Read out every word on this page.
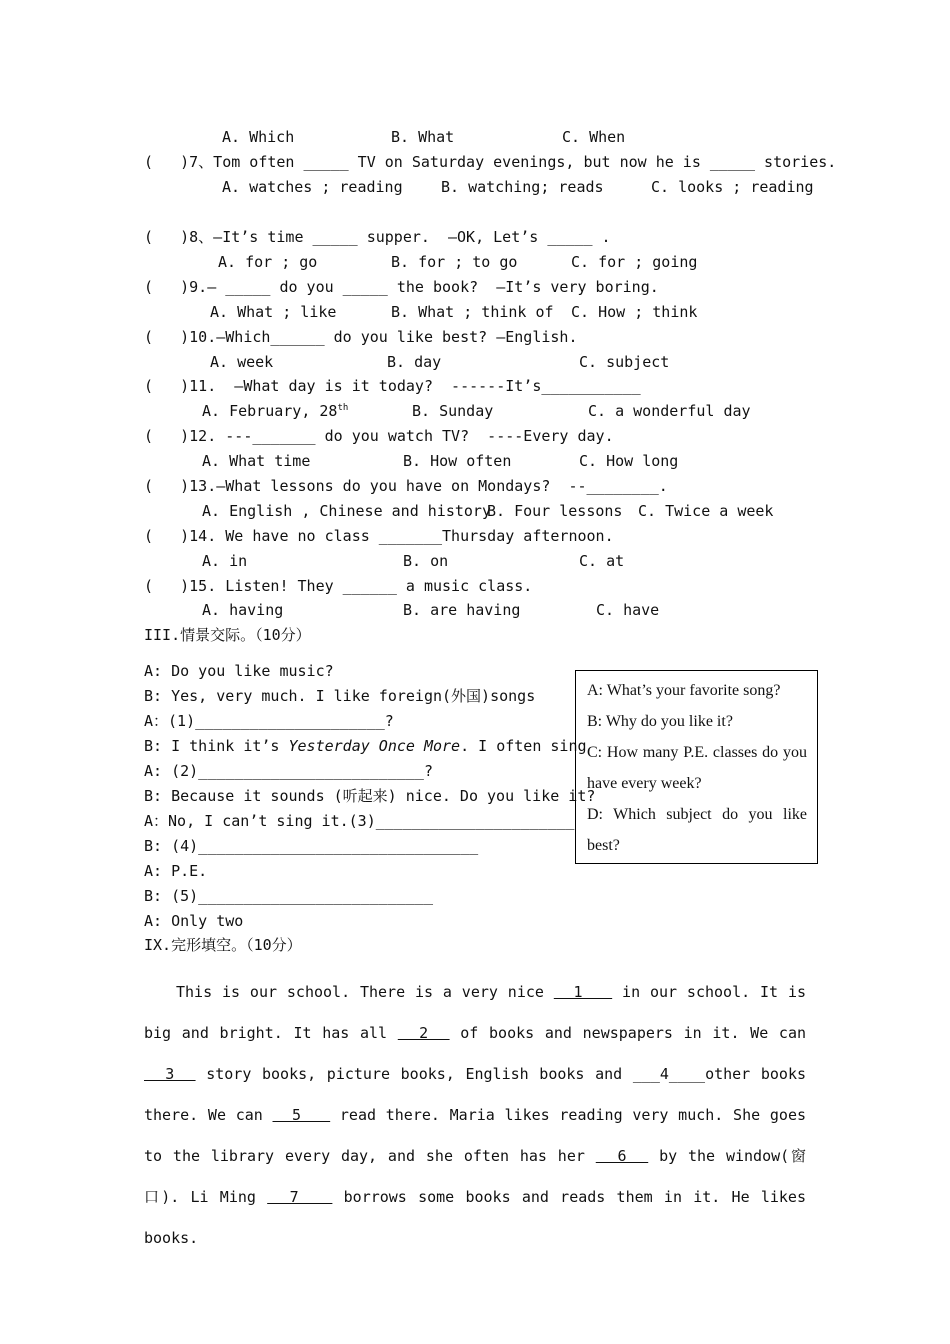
A. Which	B. What	C. When
(   )7、Tom often _____ TV on Saturday evenings, but now he is _____ stories.
A. watches ; reading	B. watching; reads	C. looks ; reading
(   )8、—It’s time _____ supper.  —OK, Let’s _____ .
A. for ; go	B. for ; to go	C. for ; going
(   )9.— _____ do you _____ the book?  —It’s very boring.
A. What ; like	B. What ; think of C. How ; think
(   )10.—Which______ do you like best? –English.
A. week	B. day	C. subject
(   )11.  –What day is it today?  ------It’s___________
A. February, 28th	B. Sunday	C. a wonderful day
(   )12. ---_______ do you watch TV?  ----Every day.
A. What time	B. How often	C. How long
(   )13.—What lessons do you have on Mondays?  --________.
A. English , Chinese and history
B. Four lessons C. Twice a week
(   )14. We have no class _______Thursday afternoon.
A. in	B. on	C. at
(   )15. Listen! They ______ a music class.
A. having	B. are having	C. have
III.情景交际。（10分）
A: Do you like music?
B: Yes, very much. I like foreign(外国)songs
A：(1)_____________________?
B: I think it’s Yesterday Once More. I often sing
A: (2)_________________________?
B: Because it sounds (听起来) nice. Do you like it?
A：No, I can’t sing it.(3)______________________
B: (4)_______________________________
A: P.E.
B: (5)__________________________
A: Only two

A: What’s your favorite song?

B: Why do you like it?

C: How many P.E. classes do you have every week?

D: Which subject do you like best?

IX.完形填空。（10分）
This is our school. There is a very nice   1    in our school. It is big and bright. It has all   2   of books and newspapers in it. We can   3   story books, picture books, English books and ___4____other books there. We can   5    read there. Maria likes reading very much. She goes to the library every day, and she often has her   6   by the window(窗口). Li Ming   7    borrows some books and reads them in it. He likes books.
